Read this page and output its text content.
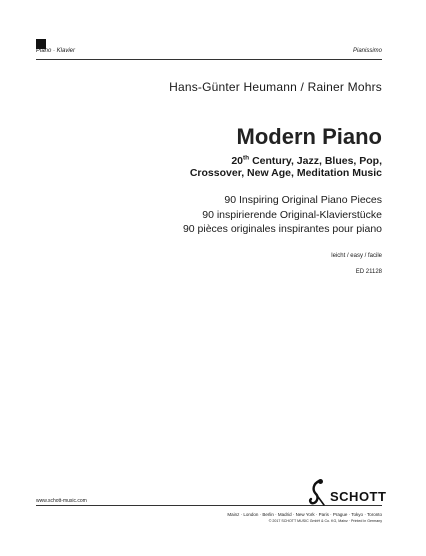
Piano · Klavier	Pianissimo
Hans-Günter Heumann / Rainer Mohrs
Modern Piano
20th Century, Jazz, Blues, Pop,
Crossover, New Age, Meditation Music
90 Inspiring Original Piano Pieces
90 inspirierende Original-Klavierstücke
90 pièces originales inspirantes pour piano
leicht / easy / facile
ED 21128
www.schott-music.com	SCHOTT
Mainz · London · Berlin · Madrid · New York · Paris · Prague · Tokyo · Toronto
© 2017 SCHOTT MUSIC GmbH & Co. KG, Mainz · Printed in Germany
